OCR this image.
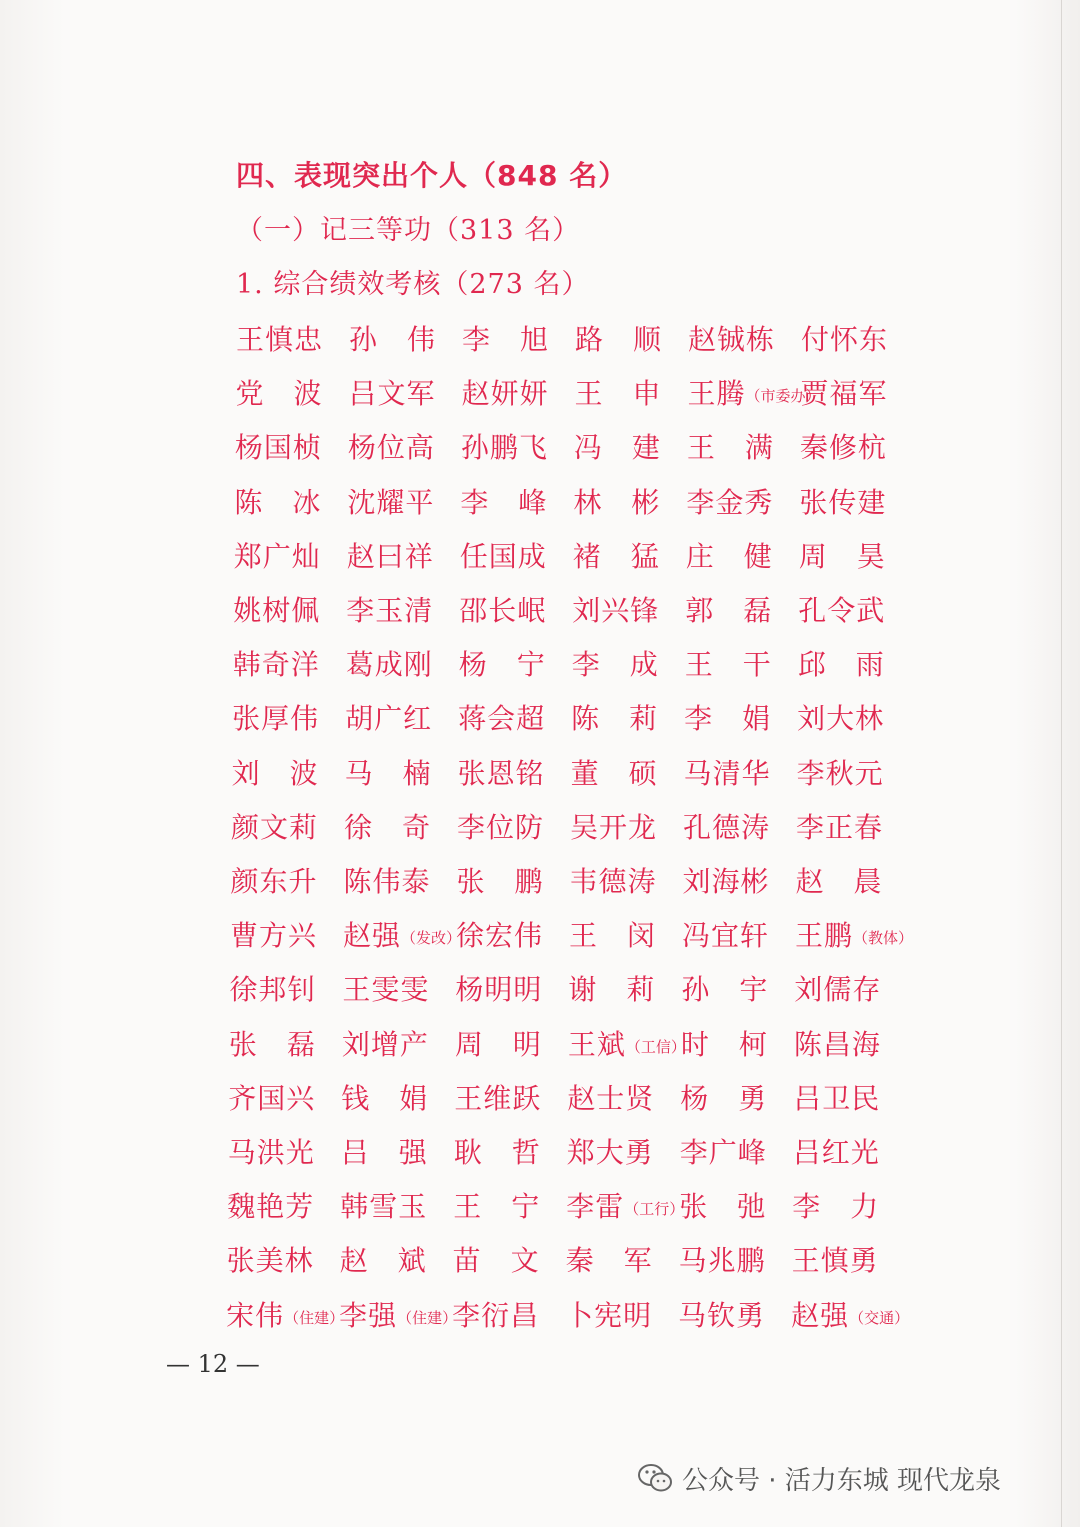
四、表现突出个人（848 名）
（一）记三等功（313 名）
1. 综合绩效考核（273 名）
王慎忠 孙　伟 李　旭 路　顺 赵铖栋 付怀东
党　波 吕文军 赵妍妍 王　申 王腾（市委办）
贾福军
杨国桢 杨位高 孙鹏飞 冯　建 王　满 秦修杭
陈　冰 沈耀平 李　峰 林　彬 李金秀 张传建
郑广灿 赵曰祥 任国成 褚　猛 庄　健 周　昊
姚树佩 李玉清 邵长岷 刘兴锋 郭　磊 孔令武
韩奇洋 葛成刚 杨　宁 李　成 王　干 邱　雨
张厚伟 胡广红 蒋会超 陈　莉 李　娟 刘大林
刘　波 马　楠 张恩铭 董　硕 马清华 李秋元
颜文莉 徐　奇 李位防 吴开龙 孔德涛 李正春
颜东升 陈伟泰 张　鹏 韦德涛 刘海彬 赵　晨
曹方兴 赵强（发改）
徐宏伟 王　闵 冯宜轩 王鹏（教体）
徐邦钊 王雯雯 杨明明 谢　莉 孙　宇 刘儒存
张　磊 刘增产 周　明 王斌（工信）
时　柯 陈昌海
齐国兴 钱　娟 王维跃 赵士贤 杨　勇 吕卫民
马洪光 吕　强 耿　哲 郑大勇 李广峰 吕红光
魏艳芳 韩雪玉 王　宁 李雷（工行）
张　弛 李　力
张美林 赵　斌 苗　文 秦　军 马兆鹏 王慎勇
宋伟（住建）
李强（住建）
李衍昌 卜宪明 马钦勇 赵强（交通）
— 12 —
公众号 · 活力东城 现代龙泉
